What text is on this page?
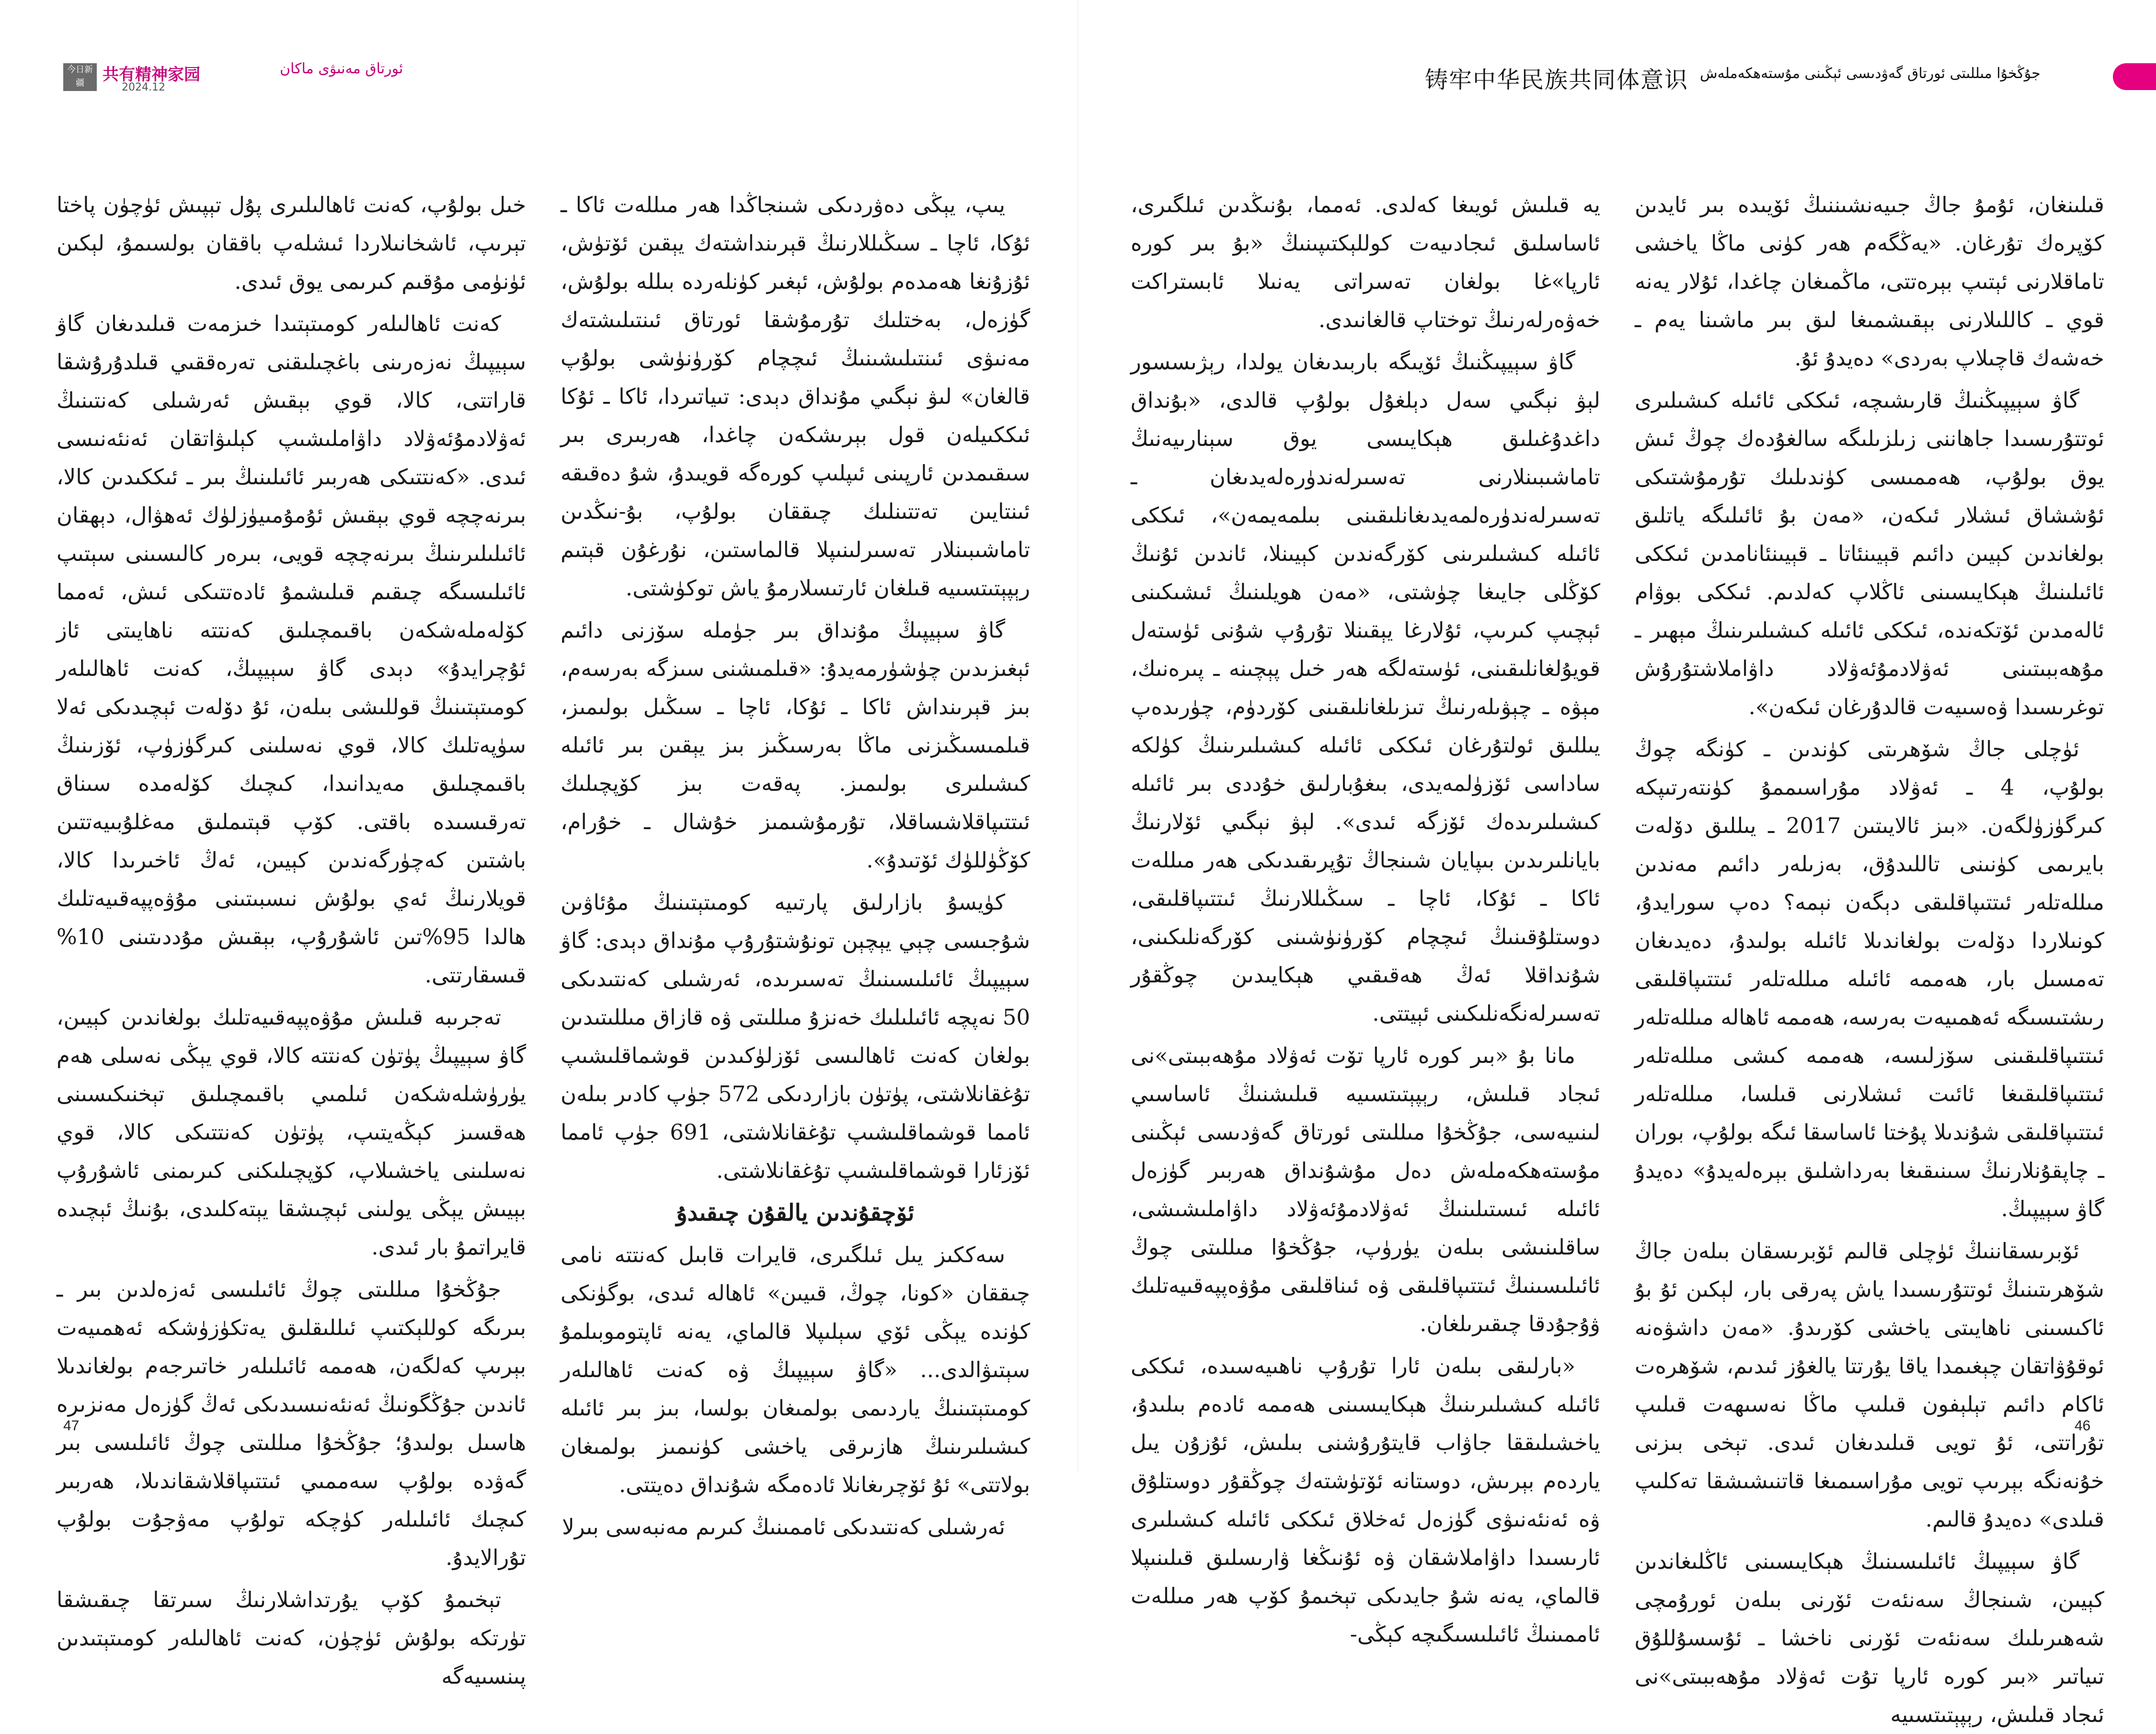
今日新疆	共有精神家园
2024.12
ئورتاق مەنىۋى ماكان

يىپ، يېڭى دەۋردىكى شىنجاڭدا ھەر مىللەت ئاكا ـ ئۇكا، ئاچا ـ سىڭىللارنىڭ قېرىنداشتەك يېقىن ئۆتۈش، ئۇزۇنغا ھەمدەم بولۇش، ئېغىر كۈنلەردە بىللە بولۇش، گۈزەل، بەختلىك تۇرمۇشقا ئورتاق ئىنتىلىشتەك مەنىۋى ئىنتىلىشىنىڭ ئىچچام كۆرۈنۈشى بولۇپ قالغان» لىۋ نېگىي مۇنداق دېدى: تىياتىردا، ئاكا ـ ئۇكا ئىككىيلەن قول بېرىشكەن چاغدا، ھەربىرى بىر سىقىمدىن ئارپىنى ئىپلىپ كورەگە قويىدۇ، شۇ دەقىقە ئىنتايىن تەتتىنلىك چىققان بولۇپ، بۇ-نىڭدىن تاماشىبىنلار تەسىرلىنىپلا قالماستىن، نۇرغۇن قېتىم رېپېتىتسىيە قىلغان ئارتىسلارمۇ ياش توكۈشتى.

گاۋ سېيپىڭ مۇنداق بىر جۈملە سۆزنى دائىم ئېغىزىدىن چۈشۈرمەيدۇ: «قىلمىشنى سىزگە بەرسەم، بىز قېرىنداش ئاكا ـ ئۇكا، ئاچا ـ سىڭىل بولىمىز، قىلمىسىڭىزنى ماڭا بەرسىڭىز بىز يېقىن بىر ئائىلە كىشىلىرى بولىمىز. پەقەت بىز كۆپچىلىك ئىتتىپاقلاشساقلا، تۇرمۇشىمىز خۇشال ـ خۇرام، كۆڭۈللۈك ئۆتىدۇ».

كۈيسۇ بازارلىق پارتىيە كومىتېتىنىڭ مۇئاۋىن شۇجىسى چېي يېچېن تونۇشتۇرۇپ مۇنداق دېدى: گاۋ سېيپىڭ ئائىلىسىنىڭ تەسىرىدە، ئەرشىلى كەنتىدىكى 50 نەپچە ئائىلىلىك خەنزۇ مىللىتى ۋە قازاق مىللىتىدىن بولغان كەنت ئاھالىسى ئۆزلۈكىدىن قوشماقلىشىپ تۇغقانلاشتى، پۈتۈن بازاردىكى 572 جۈپ كادىر بىلەن ئامما قوشماقلىشىپ تۇغقانلاشتى، 691 جۈپ ئامما ئۆزئارا قوشماقلىشىپ تۇغقانلاشتى.

ئۆچقۇندىن يالقۇن چىقىدۇ

سەككىز يىل ئىلگىرى، قايرات قابىل كەنتتە نامى چىققان «كونا، چوڭ، قىيىن» ئاھالە ئىدى، بوگۈنكى كۈندە يېڭى ئۆي سېلىپلا قالماي، يەنە ئاپتوموبىلمۇ سېتىۋالدى... «گاۋ سېيپىڭ ۋە كەنت ئاھالىلەر كومىتېتىنىڭ ياردىمى بولمىغان بولسا، بىز بىر ئائىلە كىشىلىرىنىڭ ھازىرقى ياخشى كۈنىمىز بولمىغان بولاتتى» ئۇ ئۆچرىغانلا ئادەمگە شۇنداق دەيتتى.

ئەرشىلى كەنتىدىكى ئاممىنىڭ كىرىم مەنبەسى بىرلا

خىل بولۇپ، كەنت ئاھالىلىرى پۇل تېپىش ئۈچۈن پاختا تېرىپ، ئاشخانىلاردا ئىشلەپ باققان بولسىمۇ، لېكىن ئۈنۈمى مۇقىم كىرىمى يوق ئىدى.

كەنت ئاھالىلەر كومىتېتىدا خىزمەت قىلىدىغان گاۋ سېيپىڭ نەزەرىنى باغچىلىقنى تەرەققىي قىلدۇرۇشقا قاراتتى، كالا، قوي بېقىش ئەرشىلى كەنتىنىڭ ئەۋلادمۇئەۋلاد داۋاملىشىپ كېلىۋاتقان ئەنئەنىسى ئىدى. «كەنتتىكى ھەربىر ئائىلىنىڭ بىر ـ ئىككىدىن كالا، بىرنەچچە قوي بېقىش ئۇمۇمىيۈزلۈك ئەھۋال، دېھقان ئائىلىلىرىنىڭ بىرنەچچە قويى، بىرەر كالىسىنى سېتىپ ئائىلىسىگە چىقىم قىلىشمۇ ئادەتتىكى ئىش، ئەمما كۆلەملەشكەن باقىمچىلىق كەنتتە ناھايىتى ئاز ئۇچرايدۇ» دېدى گاۋ سېيپىڭ، كەنت ئاھالىلەر كومىتېتىنىڭ قوللىشى بىلەن، ئۇ دۆلەت ئېچىدىكى ئەلا سۈپەتلىك كالا، قوي نەسلىنى كىرگۈزۈپ، ئۆزىنىڭ باقىمچىلىق مەيدانىدا، كىچىك كۆلەمدە سىناق تەرقىسىدە باقتى. كۆپ قېتىملىق مەغلۇبىيەتتىن باشتىن كەچۈرگەندىن كېيىن، ئەڭ ئاخىرىدا كالا، قويلارنىڭ ئەي بولۇش نىسبىتىنى مۇۋەپپەقىيەتلىك ھالدا 95%تىن ئاشۇرۇپ، بېقىش مۇددىتىنى 10% قىسقارتتى.

تەجرىبە قىلىش مۇۋەپپەقىيەتلىك بولغاندىن كېيىن، گاۋ سېيپىڭ پۈتۈن كەنتتە كالا، قوي يېڭى نەسلى ھەم يۈرۈشلەشكەن ئىلمىي باقىمچىلىق تېخنىكىسىنى ھەقسىز كېڭەيتىپ، پۈتۈن كەنتتىكى كالا، قوي نەسلىنى ياخشىلاپ، كۆپچىلىكنى كىرىمنى ئاشۇرۇپ بېيىش يېڭى يولىنى ئېچىشقا يېتەكلىدى، بۇنىڭ ئېچىدە قايراتمۇ بار ئىدى.

جۇڭخۇا مىللىتى چوڭ ئائىلىسى ئەزەلدىن بىر ـ بىرىگە كوللېكتىپ ئىللىقلىق يەتكۈزۈشكە ئەھمىيەت بېرىپ كەلگەن، ھەممە ئائىلىلەر خاتىرجەم بولغاندىلا ئاندىن جۇڭگونىڭ ئەنئەنىسىدىكى ئەڭ گۈزەل مەنزىرە ھاسىل بولىدۇ؛ جۇڭخۇا مىللىتى چوڭ ئائىلىسى بىر گەۋدە بولۇپ سەممىي ئىتتىپاقلاشقاندىلا، ھەربىر كىچىك ئائىلىلەر كۈچكە تولۇپ مەۋجۇت بولۇپ تۇرالايدۇ.

تېخىمۇ كۆپ يۇرتداشلارنىڭ سىرتقا چىقىشقا تۈرتكە بولۇش ئۈچۈن، كەنت ئاھالىلەر كومىتېتىدىن پىنسىيەگە

47
铸牢中华民族共同体意识 جۇڭخۇا مىللىتى ئورتاق گەۋدىسى ئېڭىنى مۇستەھكەملەش

قىلىنغان، ئۇمۇ جاڭ جىيەنشىننىڭ ئۆيىدە بىر ئايدىن كۆپرەك تۇرغان. «يەڭگەم ھەر كۈنى ماڭا ياخشى تاماقلارنى ئېتىپ بېرەتتى، ماڭمىغان چاغدا، ئۇلار يەنە قوي ـ كاللىلارنى بېقىشمىغا لىق بىر ماشىنا يەم ـ خەشەك قاچىلاپ بەردى» دەيدۇ ئۇ.

گاۋ سېيپىڭنىڭ قارىشىچە، ئىككى ئائىلە كىشىلىرى ئوتتۇرىسىدا جاھاننى زىلزىلىگە سالغۇدەك چوڭ ئىش يوق بولۇپ، ھەممىسى كۈندىلىك تۇرمۇشتىكى ئۇششاق ئىشلار ئىكەن، «مەن بۇ ئائىلىگە ياتلىق بولغاندىن كېيىن دائىم قېيىنئاتا ـ قېيىنئانامدىن ئىككى ئائىلىنىڭ ھېكايىسىنى ئاڭلاپ كەلدىم. ئىككى بوۋام ئالەمدىن ئۆتكەندە، ئىككى ئائىلە كىشىلىرىنىڭ مېھىر ـ مۇھەببىتىنى ئەۋلادمۇئەۋلاد داۋاملاشتۇرۇش توغرىسىدا ۋەسىيەت قالدۇرغان ئىكەن».

ئۈچلى جاڭ شۆھرىتى كۈندىن ـ كۈنگە چوڭ بولۇپ، 4 ـ ئەۋلاد مۇراسىممۇ كۈنتەرتىپكە كىرگۈزۈلگەن. «بىز ئالايىتىن 2017 ـ يىللىق دۆلەت بايرىمى كۈنىنى تاللىدۇق، بەزىلەر دائىم مەندىن مىللەتلەر ئىتتىپاقلىقى دېگەن نېمە؟ دەپ سورايدۇ، كونىلاردا دۆلەت بولغاندىلا ئائىلە بولىدۇ، دەيدىغان تەمسىل بار، ھەممە ئائىلە مىللەتلەر ئىتتىپاقلىقى رىشتىسىگە ئەھمىيەت بەرسە، ھەممە ئاھالە مىللەتلەر ئىتتىپاقلىقىنى سۆزلىسە، ھەممە كىشى مىللەتلەر ئىتتىپاقلىقىغا ئائىت ئىشلارنى قىلسا، مىللەتلەر ئىتتىپاقلىقى شۇندىلا پۇختا ئاساسقا ئىگە بولۇپ، بوران ـ چاپقۇنلارنىڭ سىنىقىغا بەرداشلىق بېرەلەيدۇ» دەيدۇ گاۋ سېيپىڭ.

ئۆبرىسقاننىڭ ئۈچلى قالىم ئۆبرىسقان بىلەن جاڭ شۆھرىتىنىڭ ئوتتۇرىسىدا ياش پەرقى بار، لېكىن ئۇ بۇ ئاكىسىنى ناھايىتى ياخشى كۆرىدۇ. «مەن داشۋەنە ئوقۇۋاتقان چېغىمدا ياقا يۇرتتا يالغۇز ئىدىم، شۆھرەت ئاكام دائىم تېلېفون قىلىپ ماڭا نەسىھەت قىلىپ تۇراتتى، ئۇ تويى قىلىدىغان ئىدى. تېخى بىزنى خۇنەنگە بېرىپ تويى مۇراسىمىغا قاتنىشىشقا تەكلىپ قىلدى» دەيدۇ قالىم.

گاۋ سېيپىڭ ئائىلىسىنىڭ ھېكايىسىنى ئاڭلىغاندىن كېيىن، شىنجاڭ سەنئەت ئۆرنى بىلەن ئورۇمچى شەھىرىلىك سەنئەت ئۆرنى ناخشا ـ ئۇسسۇللۇق تىياتىر «بىر كورە ئارپا تۇت ئەۋلاد مۇھەببىتى»نى ئىجاد قىلىش، رېپېتىتسىيە

يە قىلىش ئويىغا كەلدى. ئەمما، بۇنىڭدىن ئىلگىرى، ئاساسلىق ئىجادىيەت كوللېكتىپىنىڭ «بۇ بىر كورە ئارپا»غا بولغان تەسراتى يەنىلا ئابستراكت خەۋەرلەرنىڭ توختاپ قالغانىدى.

گاۋ سېيپىڭنىڭ ئۆيىگە باربىدىغان يولدا، رېژىسسور لېۋ نېگىي سەل دېلغۇل بولۇپ قالدى، «بۇنداق داغدۇغىلىق ھېكايىسى يوق سېنارىيەنىڭ تاماشىبىنلارنى تەسىرلەندۈرەلەيدىغان ـ تەسىرلەندۈرەلمەيدىغانلىقىنى بىلمەيمەن»، ئىككى ئائىلە كىشىلىرىنى كۆرگەندىن كېيىنلا، ئاندىن ئۇنىڭ كۆڭلى جايىغا چۈشتى، «مەن ھويلىنىڭ ئىشىكىنى ئېچىپ كىرىپ، ئۇلارغا يېقىنلا تۇرۇپ شۇنى ئۈستەل قويۇلغانلىقىنى، ئۈستەلگە ھەر خىل پېچىنە ـ پىرەنىك، مېۋە ـ چېۋىلەرنىڭ تىزىلغانلىقىنى كۆردۈم، چۈرىدەپ يىللىق ئولتۇرغان ئىككى ئائىلە كىشىلىرىنىڭ كۈلكە ساداسى ئۆزۈلمەيدى، بىغۇبارلىق خۇددى بىر ئائىلە كىشىلىرىدەك ئۆزگە ئىدى». لېۋ نېگىي ئۆلارنىڭ بايانلىرىدىن بىپايان شىنجاڭ تۇپرىقىدىكى ھەر مىللەت ئاكا ـ ئۇكا، ئاچا ـ سىڭىللارنىڭ ئىتتىپاقلىقى، دوستلۇقىنىڭ ئىچچام كۆرۈنۈشىنى كۆرگەنلىكىنى، شۇنداقلا ئەڭ ھەقىقىي ھېكايىدىن چوڭقۇر تەسىرلەنگەنلىكىنى ئېيتتى.

مانا بۇ «بىر كورە ئارپا تۆت ئەۋلاد مۇھەببىتى»نى ئىجاد قىلىش، رېپېتىتسىيە قىلىشنىڭ ئاساسىي لىنىيەسى، جۇڭخۇا مىللىتى ئورتاق گەۋدىسى ئېڭىنى مۇستەھكەملەش دەل مۇشۇنداق ھەربىر گۈزەل ئائىلە ئىستىلىنىڭ ئەۋلادمۇئەۋلاد داۋاملىشىشى، ساقلىنىشى بىلەن يۈرۈپ، جۇڭخۇا مىللىتى چوڭ ئائىلىسىنىڭ ئىتتىپاقلىقى ۋە ئىناقلىقى مۇۋەپپەقىيەتلىك ۋۇجۇدقا چىقىرىلغان.

«بارلىقى بىلەن ئارا تۇرۇپ ناھىيەسىدە، ئىككى ئائىلە كىشىلىرىنىڭ ھېكايىسىنى ھەممە ئادەم بىلىدۇ، ياخشىلىققا جاۋاب قايتۇرۇشنى بىلىش، ئۇزۇن يىل ياردەم بېرىش، دوستانە ئۆتۈشتەك چوڭقۇر دوستلۇق ۋە ئەنئەنىۋى گۈزەل ئەخلاق ئىككى ئائىلە كىشىلىرى ئارىسىدا داۋاملاشقان ۋە ئۇنىڭغا ۋارىسلىق قىلىنىپلا قالماي، يەنە شۇ جايدىكى تېخىمۇ كۆپ ھەر مىللەت ئاممىنىڭ ئائىلىسىگىچە كېڭى-

46
